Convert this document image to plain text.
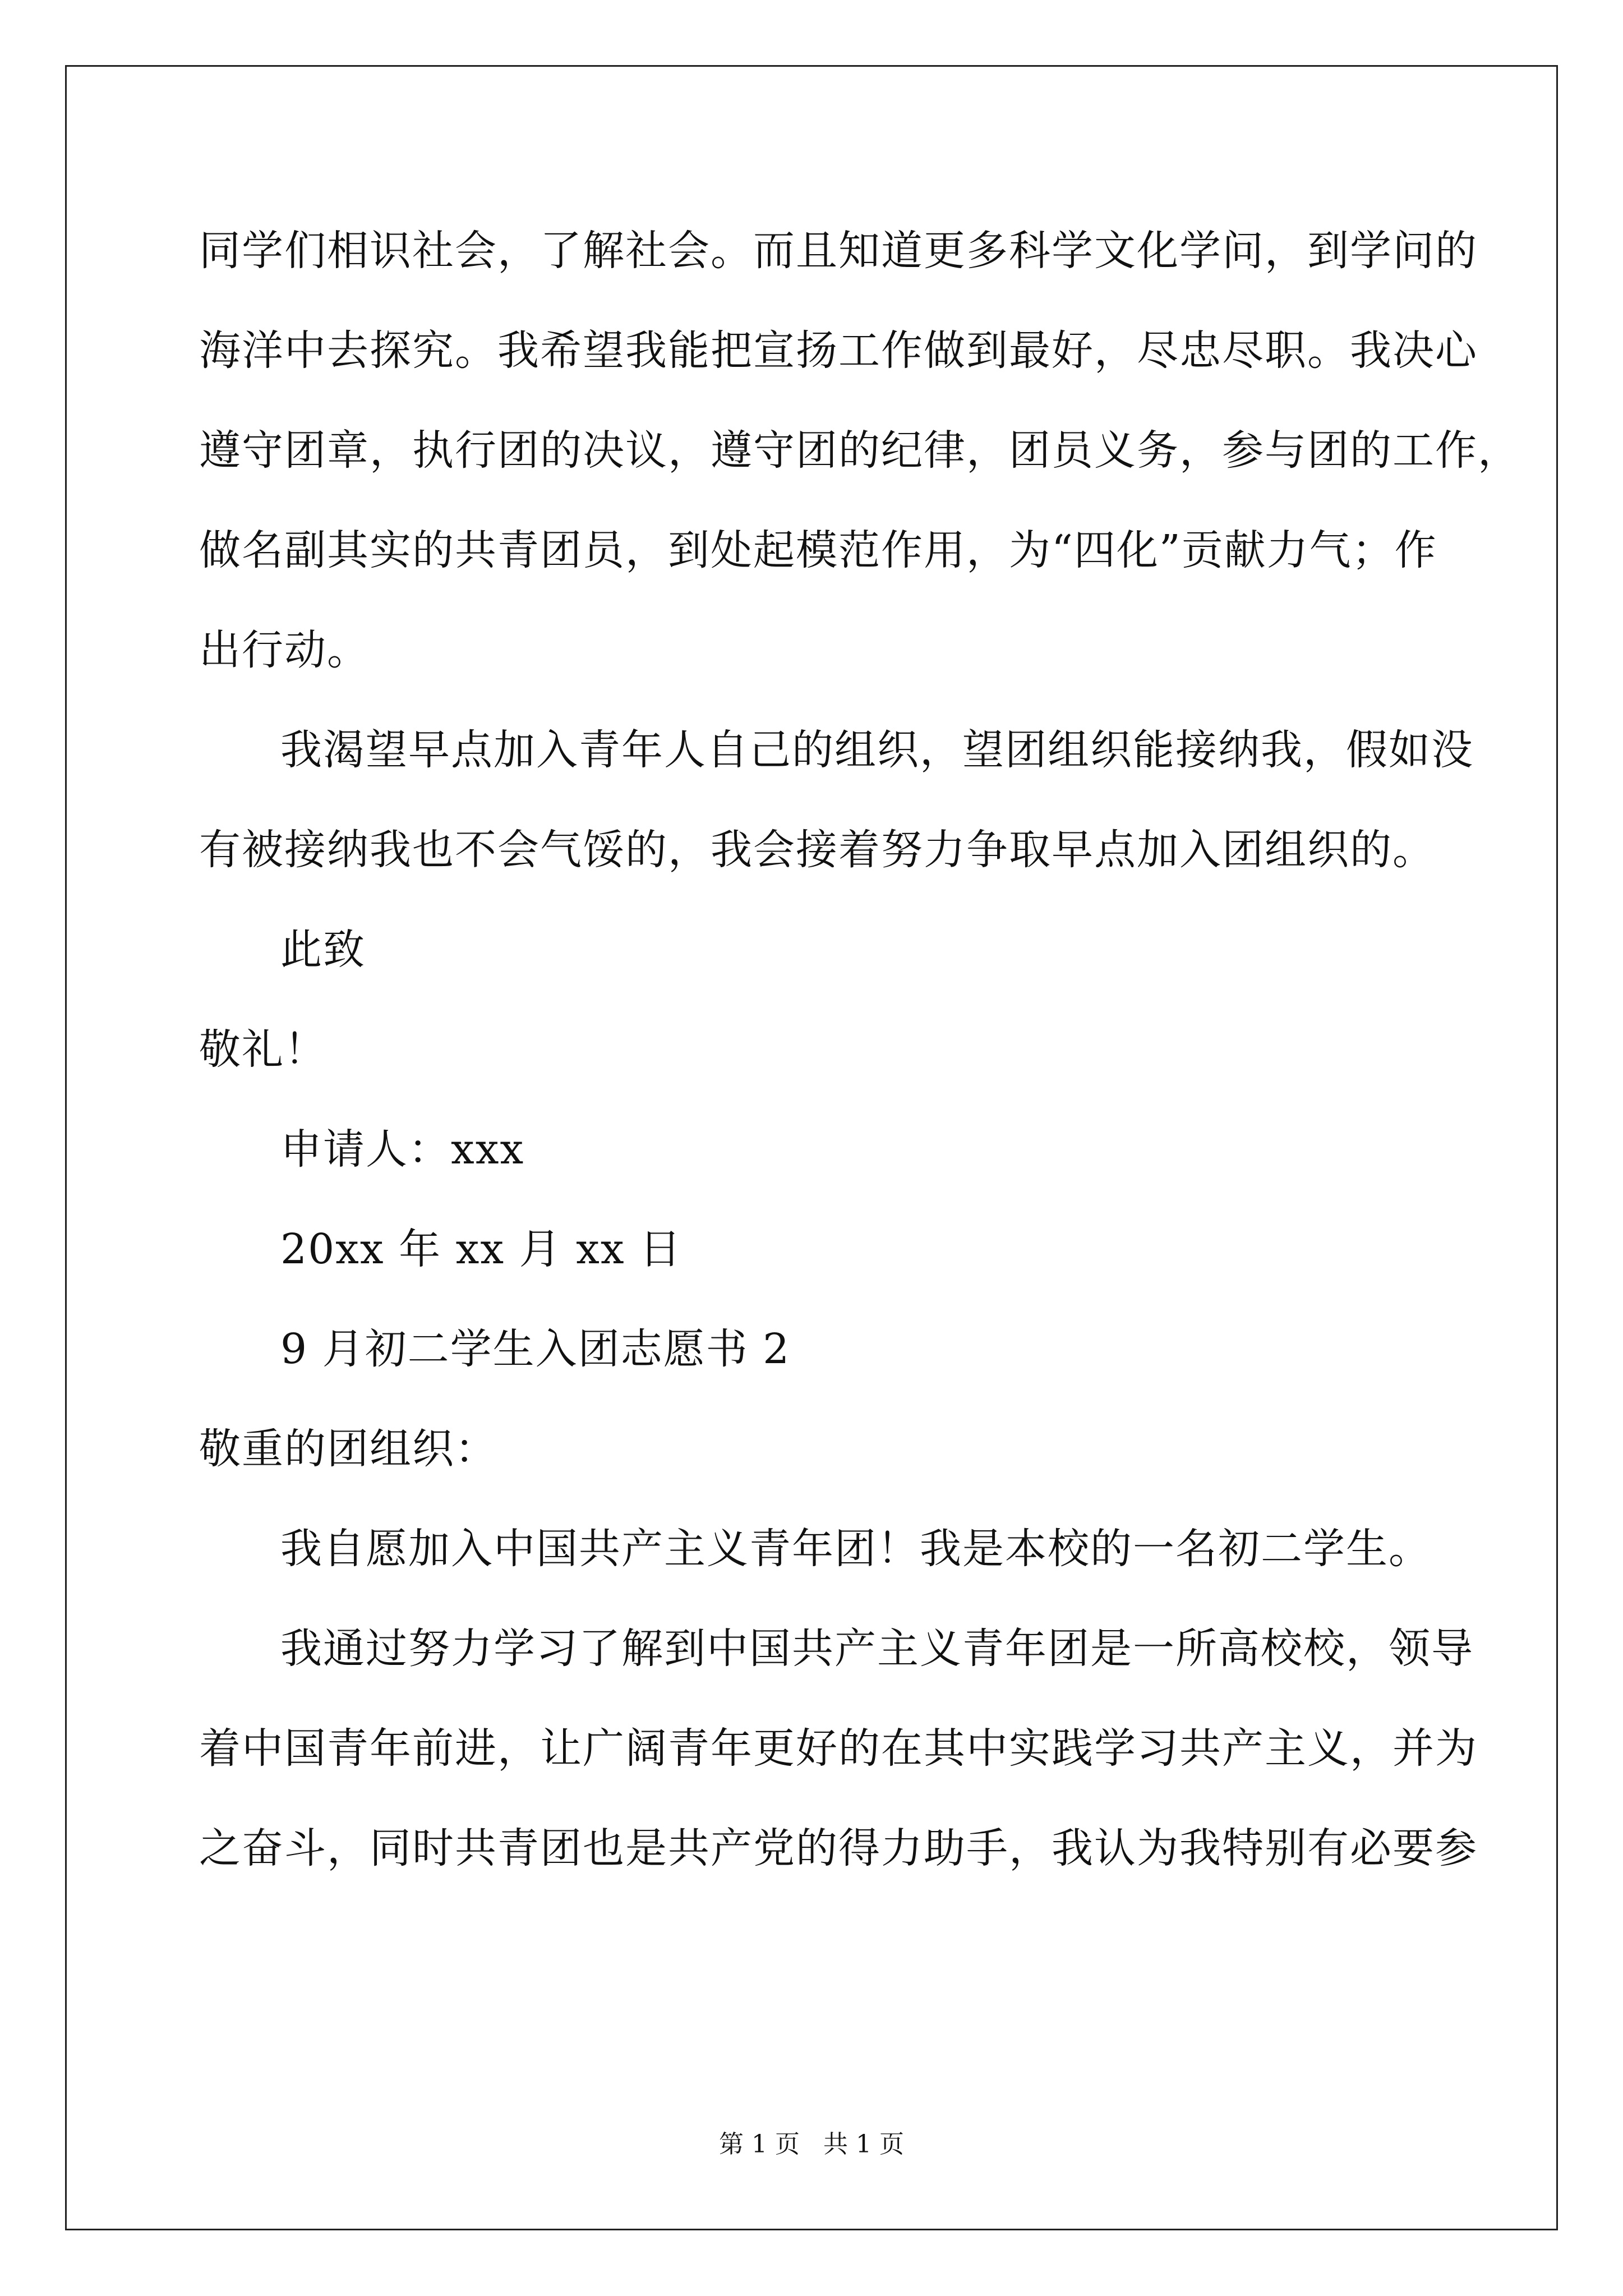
同学们相识社会，了解社会。而且知道更多科学文化学问，到学问的
海洋中去探究。我希望我能把宣扬工作做到最好，尽忠尽职。我决心
遵守团章，执行团的决议，遵守团的纪律，团员义务，参与团的工作，
做名副其实的共青团员，到处起模范作用，为“四化”贡献力气；作
出行动。
我渴望早点加入青年人自己的组织，望团组织能接纳我，假如没
有被接纳我也不会气馁的，我会接着努力争取早点加入团组织的。
此致
敬礼！
申请人：xxx
20xx 年 xx 月 xx 日
9 月初二学生入团志愿书 2
敬重的团组织：
我自愿加入中国共产主义青年团！我是本校的一名初二学生。
我通过努力学习了解到中国共产主义青年团是一所高校校，领导
着中国青年前进，让广阔青年更好的在其中实践学习共产主义，并为
之奋斗，同时共青团也是共产党的得力助手，我认为我特别有必要参
第 1 页   共 1 页
